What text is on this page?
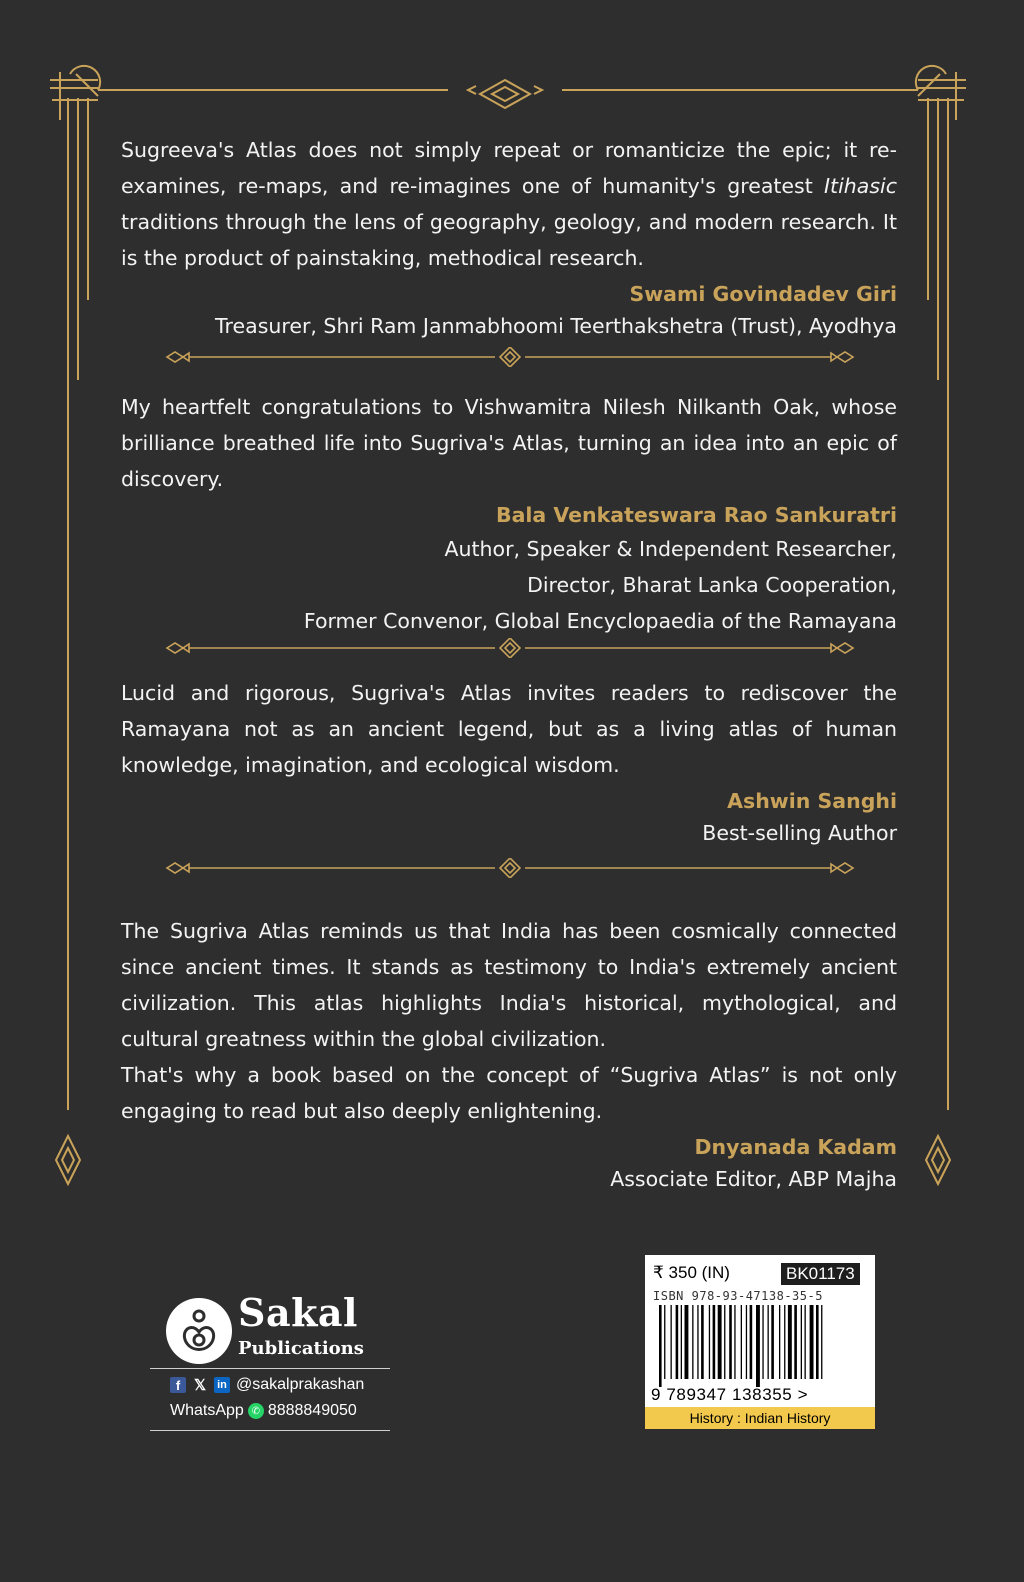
Sugreeva's Atlas does not simply repeat or romanticize the epic; it re-examines, re-maps, and re-imagines one of humanity's greatest Itihasic traditions through the lens of geography, geology, and modern research. It is the product of painstaking, methodical research.

Swami Govindadev Giri

Treasurer, Shri Ram Janmabhoomi Teerthakshetra (Trust), Ayodhya

My heartfelt congratulations to Vishwamitra Nilesh Nilkanth Oak, whose brilliance breathed life into Sugriva's Atlas, turning an idea into an epic of discovery.

Bala Venkateswara Rao Sankuratri

Author, Speaker & Independent Researcher,

Director, Bharat Lanka Cooperation,

Former Convenor, Global Encyclopaedia of the Ramayana

Lucid and rigorous, Sugriva's Atlas invites readers to rediscover the Ramayana not as an ancient legend, but as a living atlas of human knowledge, imagination, and ecological wisdom.

Ashwin Sanghi

Best-selling Author

The Sugriva Atlas reminds us that India has been cosmically connected since ancient times. It stands as testimony to India's extremely ancient civilization. This atlas highlights India's historical, mythological, and cultural greatness within the global civilization.

That's why a book based on the concept of “Sugriva Atlas” is not only engaging to read but also deeply enlightening.

Dnyanada Kadam

Associate Editor, ABP Majha

Sakal
Publications
f 𝕏 in @sakalprakashan
WhatsApp ✆ 8888849050
₹ 350 (IN)	BK01173
ISBN 978-93-47138-35-5
9 789347 138355 >
History : Indian History
